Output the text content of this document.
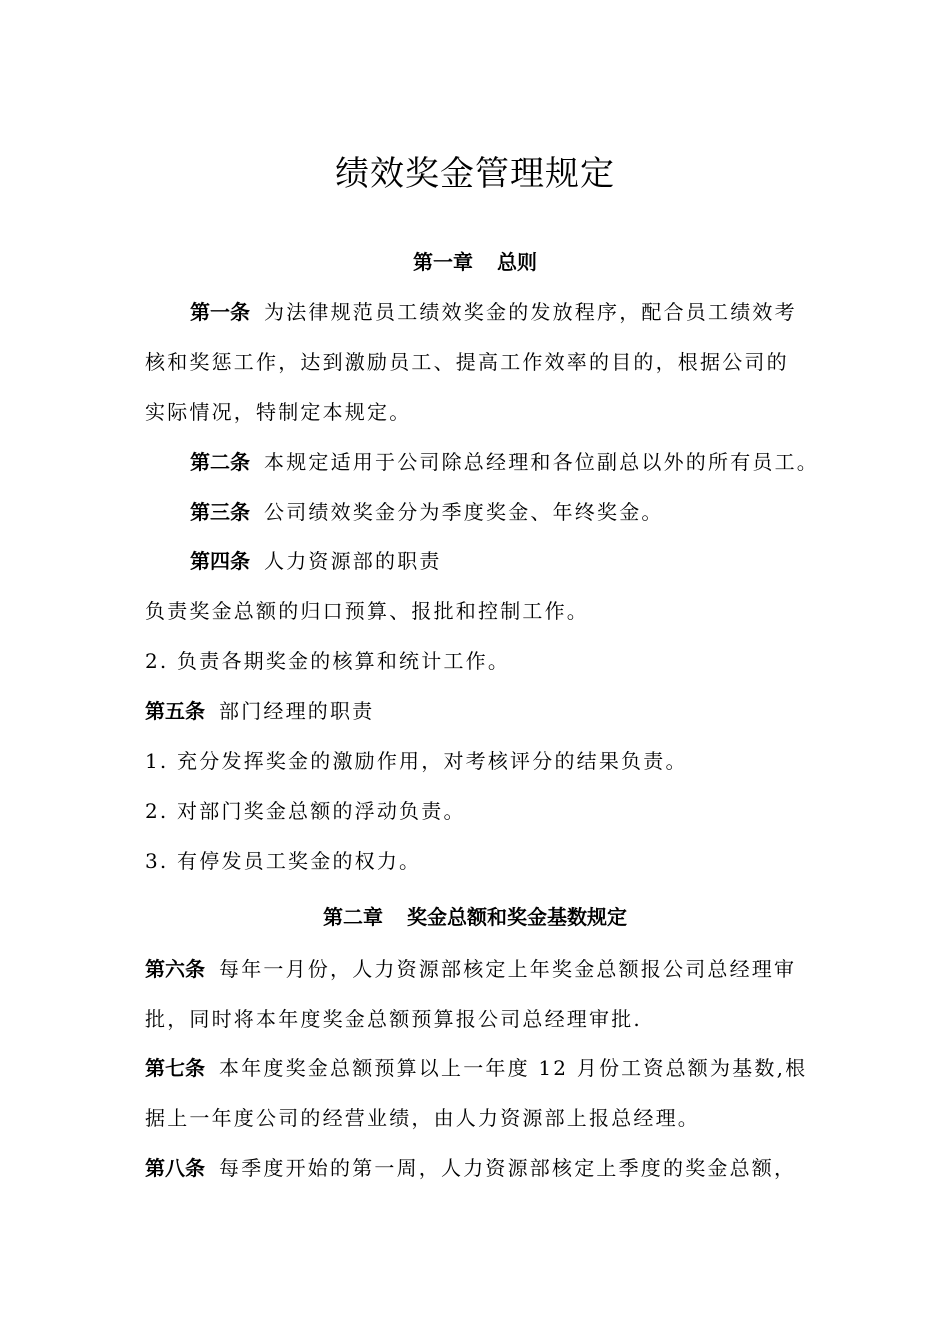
绩效奖金管理规定
第一章 总则
第一条 为法律规范员工绩效奖金的发放程序，配合员工绩效考
核和奖惩工作，达到激励员工、提高工作效率的目的，根据公司的
实际情况，特制定本规定。
第二条 本规定适用于公司除总经理和各位副总以外的所有员工。
第三条 公司绩效奖金分为季度奖金、年终奖金。
第四条 人力资源部的职责
负责奖金总额的归口预算、报批和控制工作。
2. 负责各期奖金的核算和统计工作。
第五条 部门经理的职责
1. 充分发挥奖金的激励作用，对考核评分的结果负责。
2. 对部门奖金总额的浮动负责。
3. 有停发员工奖金的权力。
第二章 奖金总额和奖金基数规定
第六条 每年一月份，人力资源部核定上年奖金总额报公司总经理审
批，同时将本年度奖金总额预算报公司总经理审批.
第七条 本年度奖金总额预算以上一年度 12 月份工资总额为基数,根
据上一年度公司的经营业绩，由人力资源部上报总经理。
第八条 每季度开始的第一周，人力资源部核定上季度的奖金总额，
